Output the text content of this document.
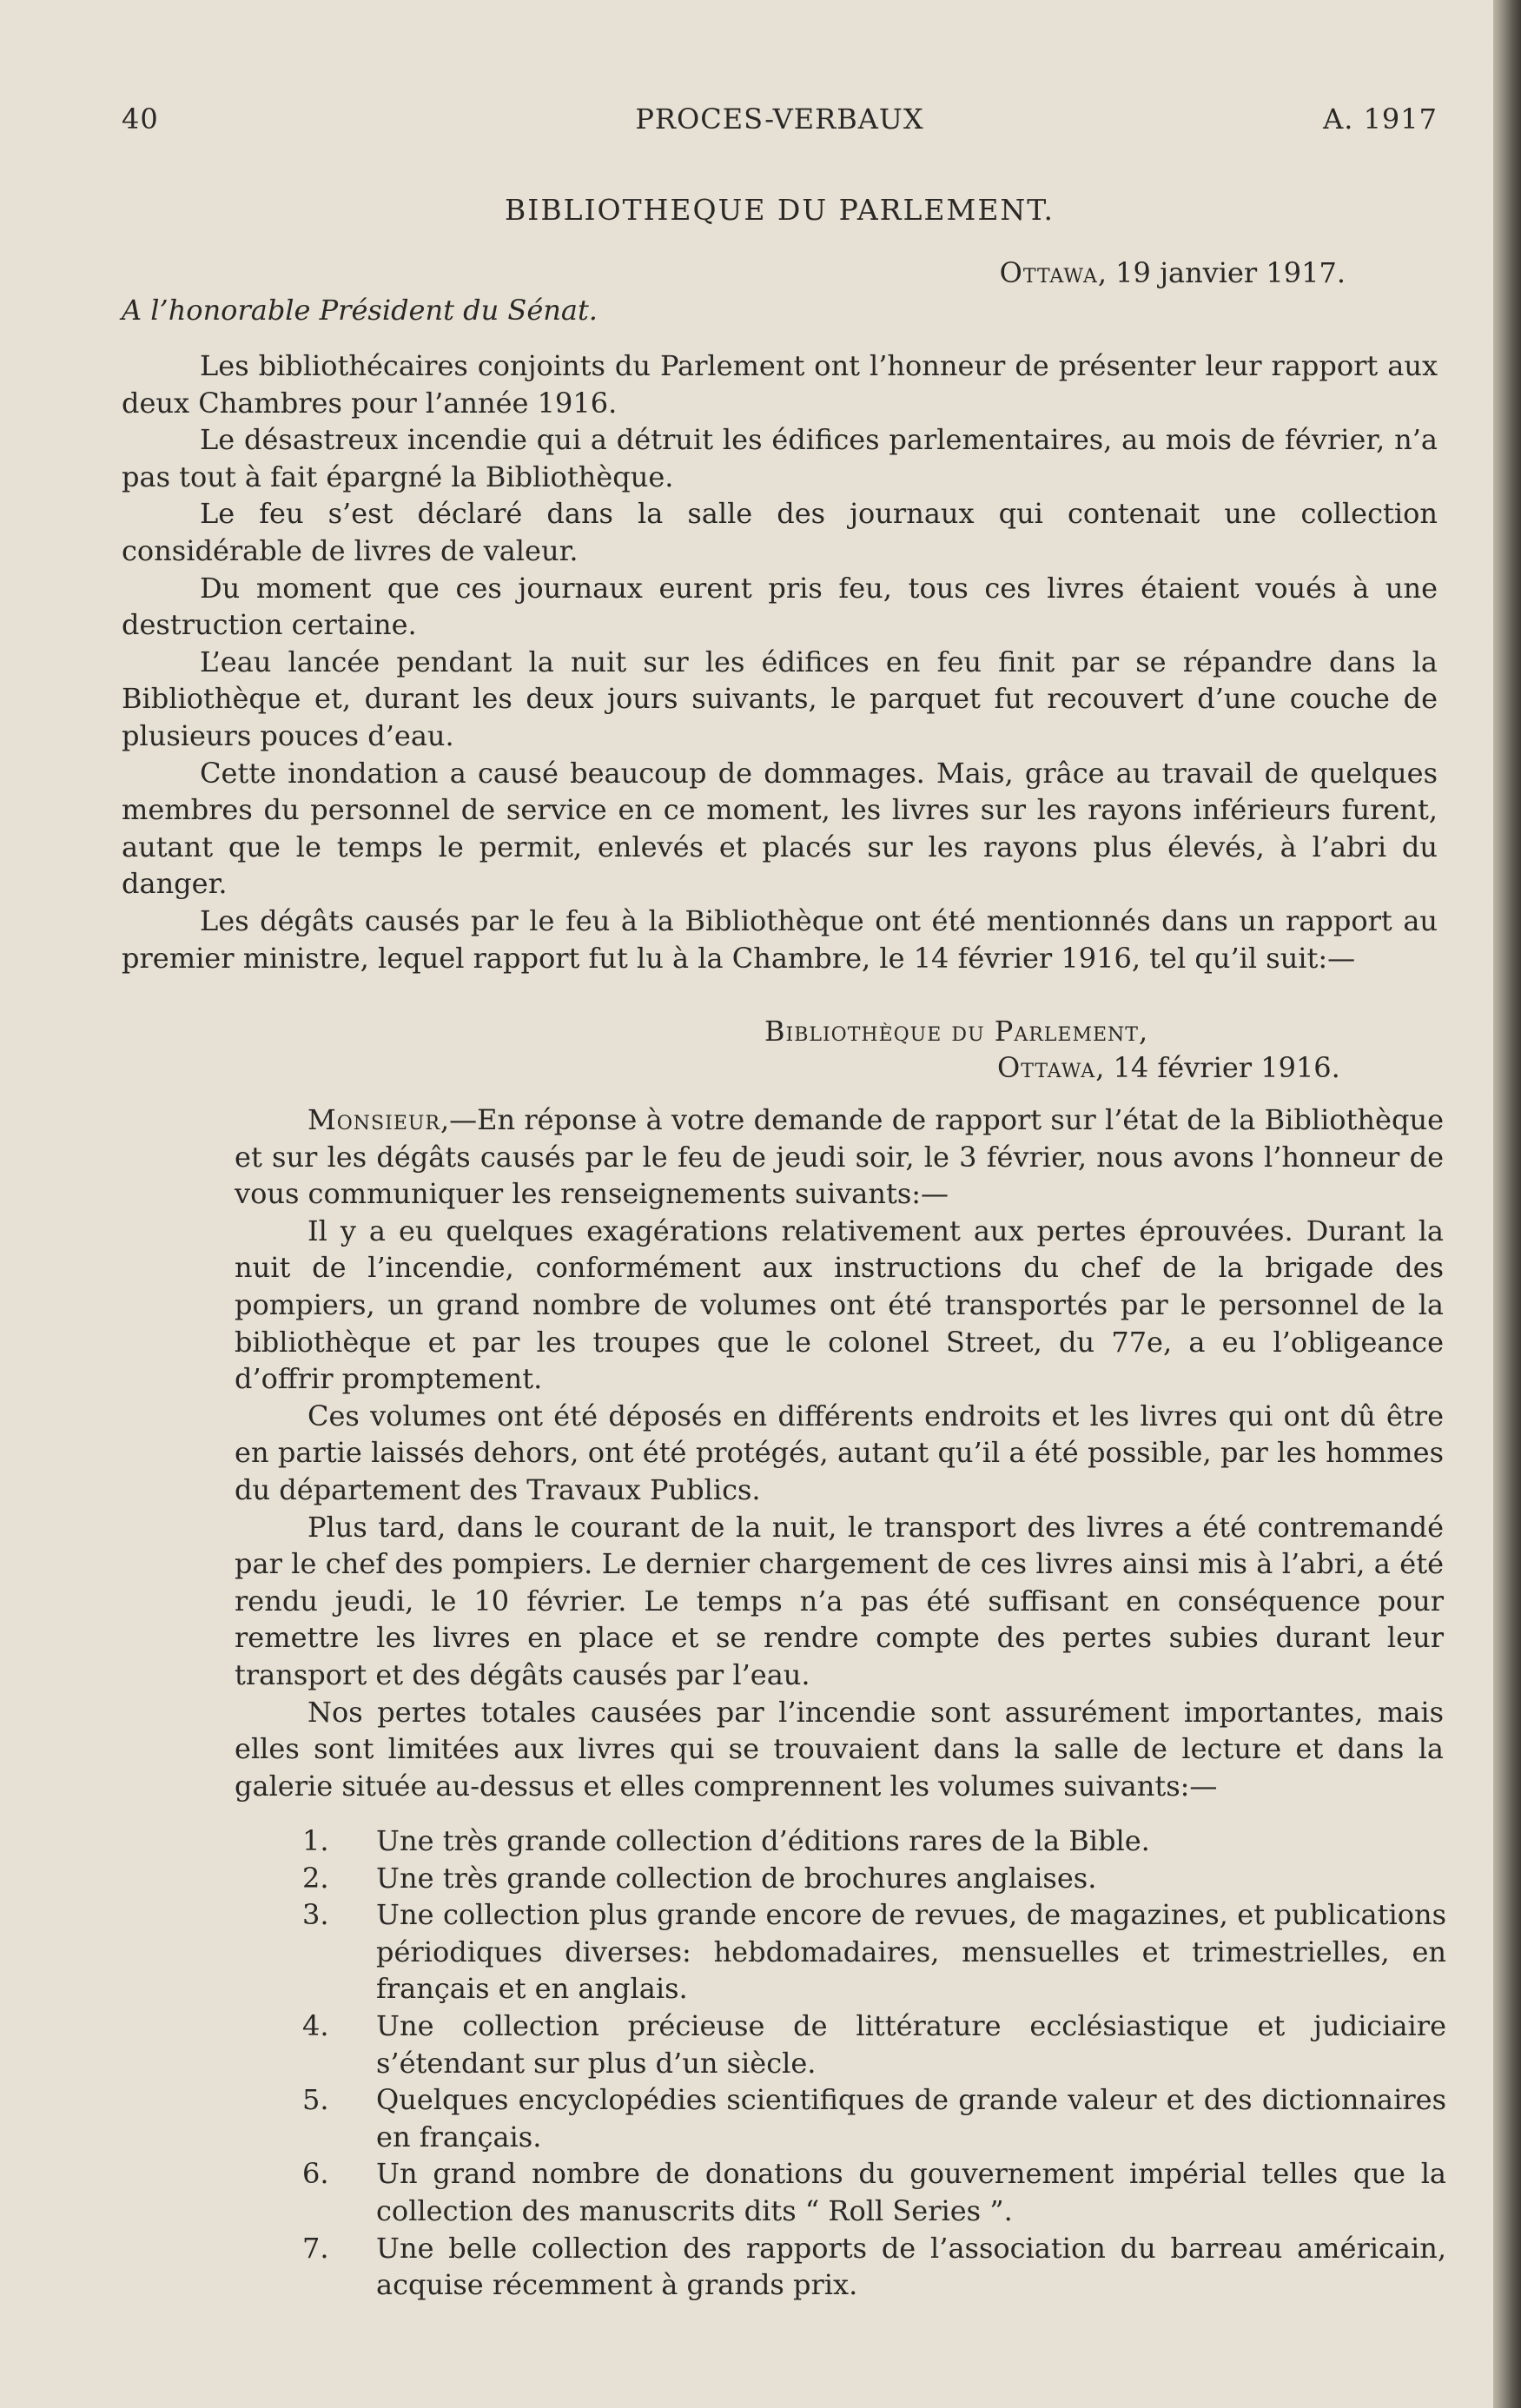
40	PROCES-VERBAUX	A. 1917
BIBLIOTHEQUE DU PARLEMENT.
Ottawa, 19 janvier 1917.
A l’honorable Président du Sénat.

Les bibliothécaires conjoints du Parlement ont l’honneur de présenter leur rapport aux deux Chambres pour l’année 1916.

Le désastreux incendie qui a détruit les édifices parlementaires, au mois de février, n’a pas tout à fait épargné la Bibliothèque.

Le feu s’est déclaré dans la salle des journaux qui contenait une collection considérable de livres de valeur.

Du moment que ces journaux eurent pris feu, tous ces livres étaient voués à une destruction certaine.

L’eau lancée pendant la nuit sur les édifices en feu finit par se répandre dans la Bibliothèque et, durant les deux jours suivants, le parquet fut recouvert d’une couche de plusieurs pouces d’eau.

Cette inondation a causé beaucoup de dommages. Mais, grâce au travail de quelques membres du personnel de service en ce moment, les livres sur les rayons inférieurs furent, autant que le temps le permit, enlevés et placés sur les rayons plus élevés, à l’abri du danger.

Les dégâts causés par le feu à la Bibliothèque ont été mentionnés dans un rapport au premier ministre, lequel rapport fut lu à la Chambre, le 14 février 1916, tel qu’il suit:—

Bibliothèque du Parlement,
Ottawa, 14 février 1916.

Monsieur,—En réponse à votre demande de rapport sur l’état de la Bibliothèque et sur les dégâts causés par le feu de jeudi soir, le 3 février, nous avons l’honneur de vous communiquer les renseignements suivants:—

Il y a eu quelques exagérations relativement aux pertes éprouvées. Durant la nuit de l’incendie, conformément aux instructions du chef de la brigade des pompiers, un grand nombre de volumes ont été transportés par le personnel de la bibliothèque et par les troupes que le colonel Street, du 77e, a eu l’obligeance d’offrir promptement.

Ces volumes ont été déposés en différents endroits et les livres qui ont dû être en partie laissés dehors, ont été protégés, autant qu’il a été possible, par les hommes du département des Travaux Publics.

Plus tard, dans le courant de la nuit, le transport des livres a été contremandé par le chef des pompiers. Le dernier chargement de ces livres ainsi mis à l’abri, a été rendu jeudi, le 10 février. Le temps n’a pas été suffisant en conséquence pour remettre les livres en place et se rendre compte des pertes subies durant leur transport et des dégâts causés par l’eau.

Nos pertes totales causées par l’incendie sont assurément importantes, mais elles sont limitées aux livres qui se trouvaient dans la salle de lecture et dans la galerie située au-dessus et elles comprennent les volumes suivants:—

1. Une très grande collection d’éditions rares de la Bible.
2. Une très grande collection de brochures anglaises.
3. Une collection plus grande encore de revues, de magazines, et publications périodiques diverses: hebdomadaires, mensuelles et trimestrielles, en français et en anglais.
4. Une collection précieuse de littérature ecclésiastique et judiciaire s’étendant sur plus d’un siècle.
5. Quelques encyclopédies scientifiques de grande valeur et des dictionnaires en français.
6. Un grand nombre de donations du gouvernement impérial telles que la collection des manuscrits dits “ Roll Series ”.
7. Une belle collection des rapports de l’association du barreau américain, acquise récemment à grands prix.
